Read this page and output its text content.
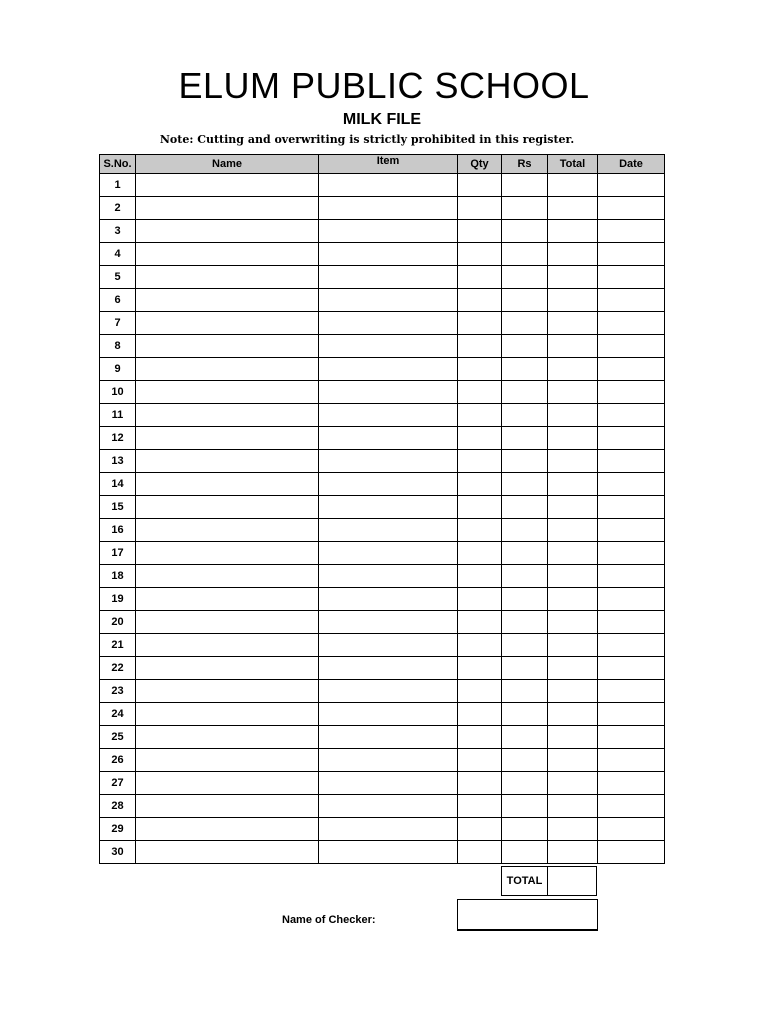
ELUM PUBLIC SCHOOL
MILK FILE
Note: Cutting and overwriting is strictly prohibited in this register.
S.No.	Name	Item	Qty	Rs	Total	Date
1						
2						
3						
4						
5						
6						
7						
8						
9						
10						
11						
12						
13						
14						
15						
16						
17						
18						
19						
20						
21						
22						
23						
24						
25						
26						
27						
28						
29						
30						
TOTAL	
Name of Checker:
